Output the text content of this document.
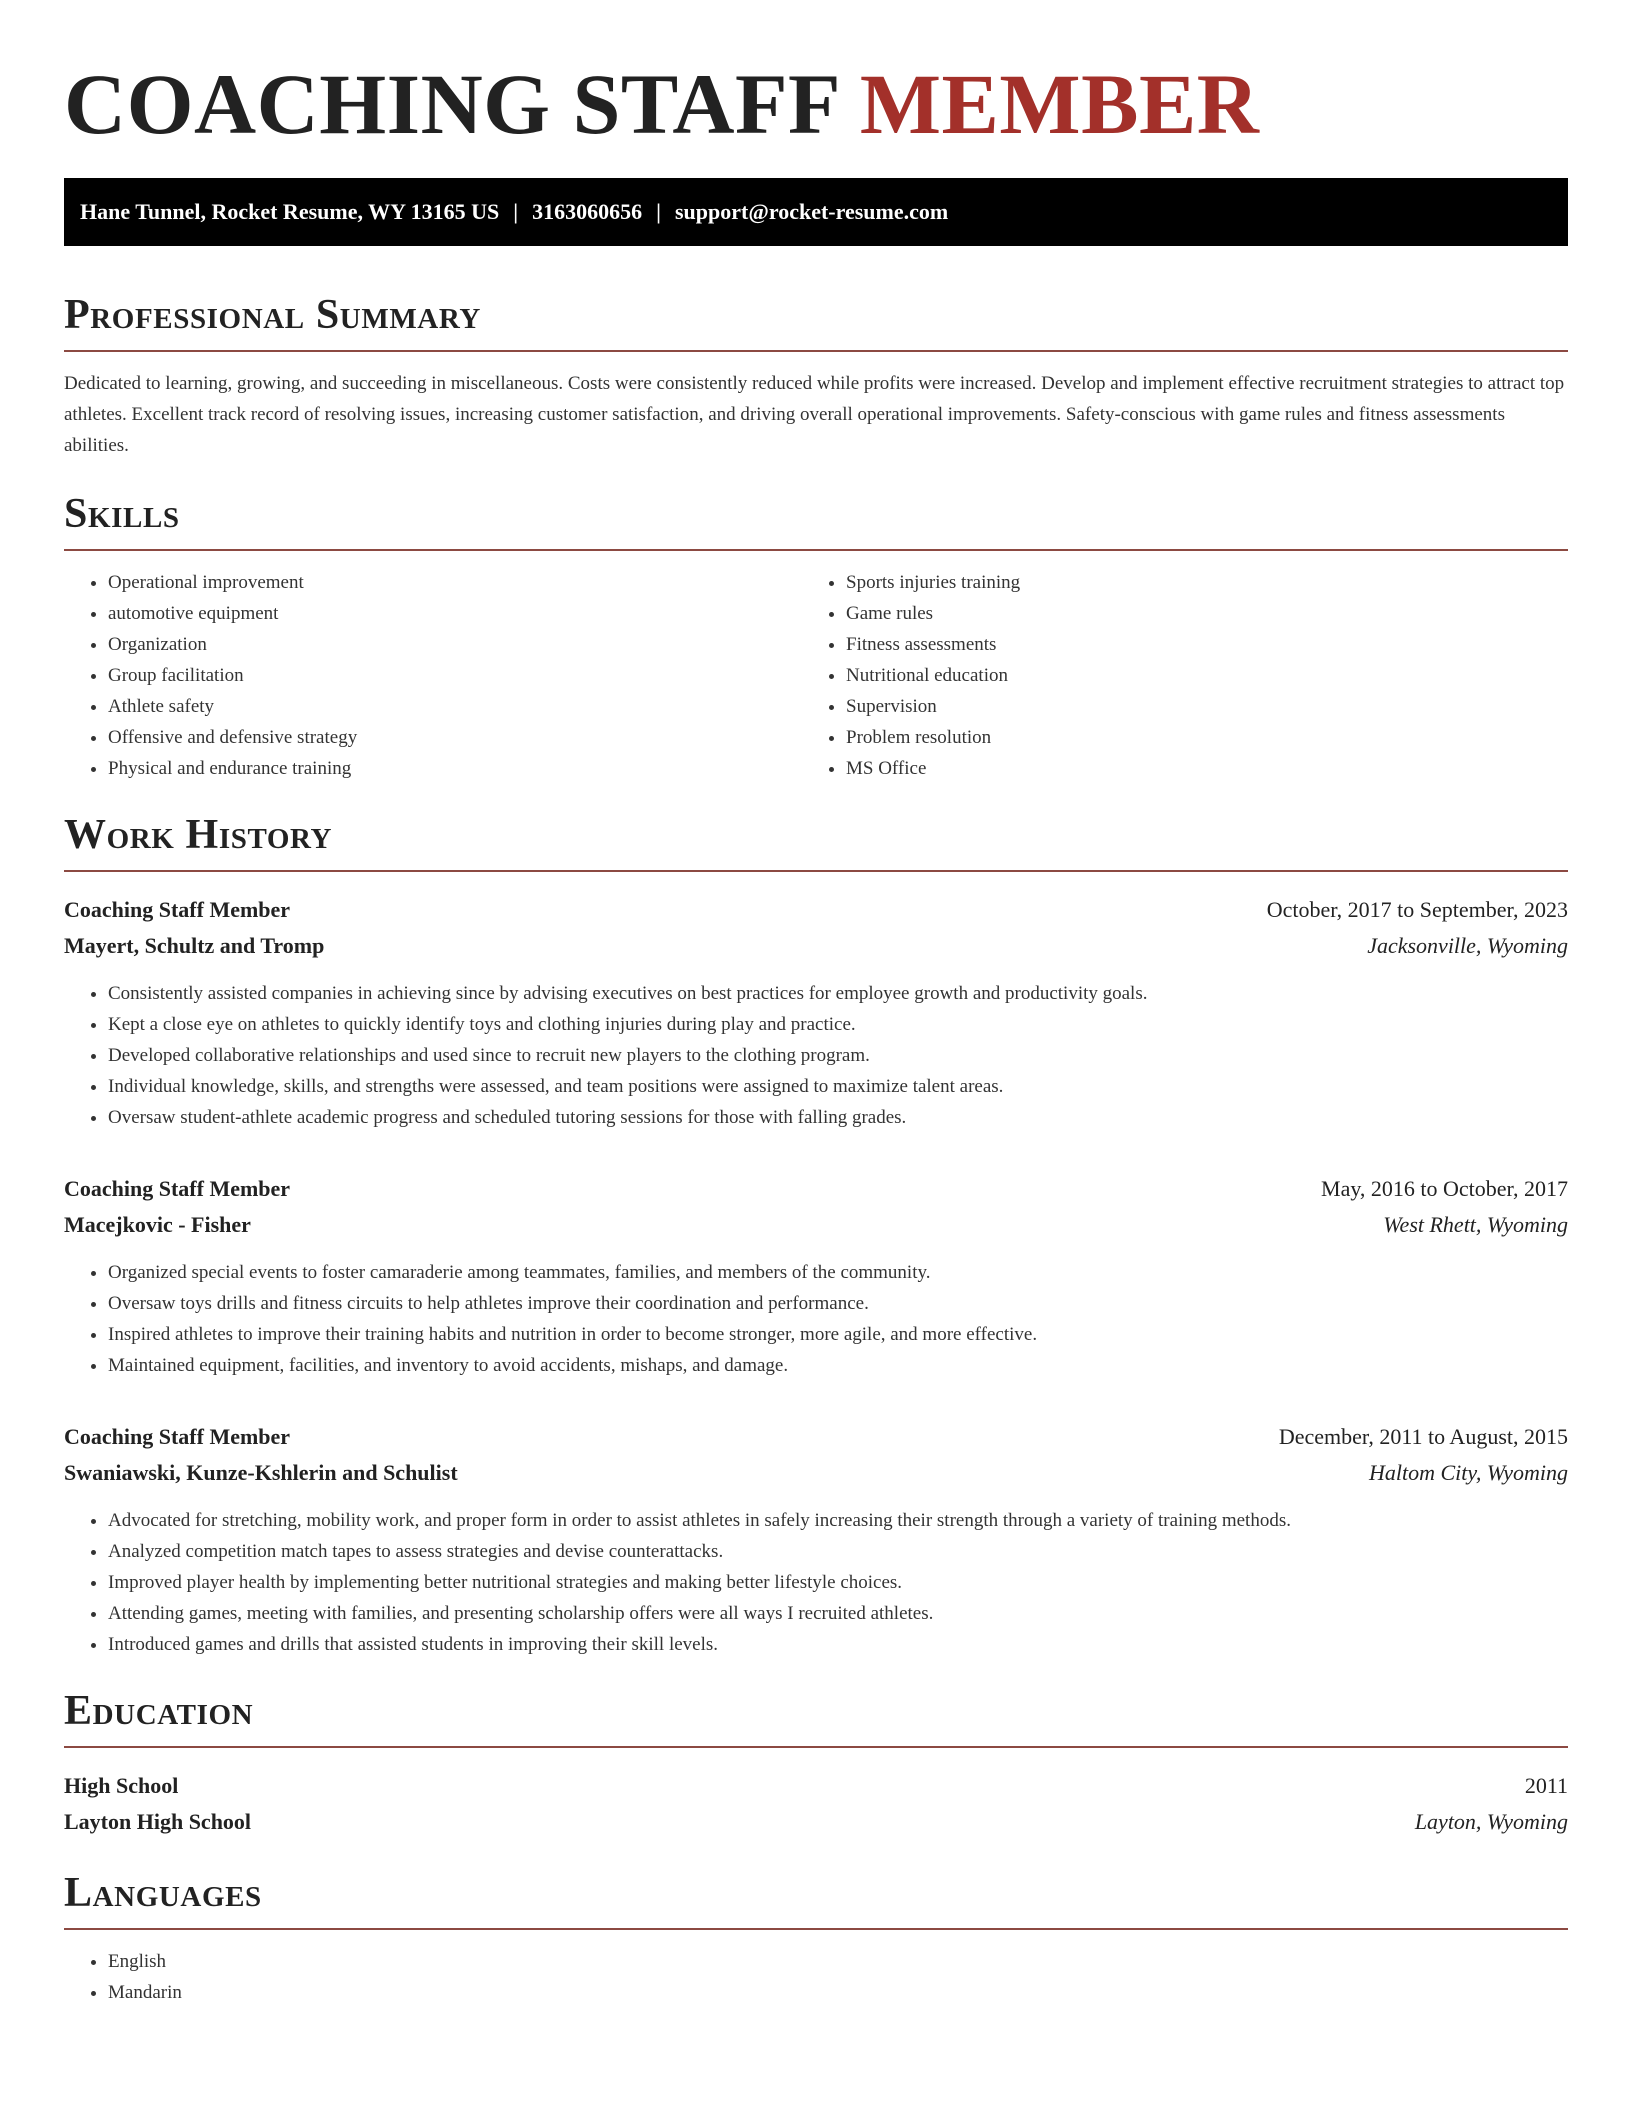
COACHING STAFF MEMBER
Hane Tunnel, Rocket Resume, WY 13165 US | 3163060656 | support@rocket-resume.com
Professional Summary

Dedicated to learning, growing, and succeeding in miscellaneous. Costs were consistently reduced while profits were increased. Develop and implement effective recruitment strategies to attract top athletes. Excellent track record of resolving issues, increasing customer satisfaction, and driving overall operational improvements. Safety-conscious with game rules and fitness assessments abilities.

Skills
• Operational improvement
• automotive equipment
• Organization
• Group facilitation
• Athlete safety
• Offensive and defensive strategy
• Physical and endurance training
• Sports injuries training
• Game rules
• Fitness assessments
• Nutritional education
• Supervision
• Problem resolution
• MS Office
Work History
Coaching Staff Member	October, 2017 to September, 2023
Mayert, Schultz and Tromp	Jacksonville, Wyoming
• Consistently assisted companies in achieving since by advising executives on best practices for employee growth and productivity goals.
• Kept a close eye on athletes to quickly identify toys and clothing injuries during play and practice.
• Developed collaborative relationships and used since to recruit new players to the clothing program.
• Individual knowledge, skills, and strengths were assessed, and team positions were assigned to maximize talent areas.
• Oversaw student-athlete academic progress and scheduled tutoring sessions for those with falling grades.
Coaching Staff Member	May, 2016 to October, 2017
Macejkovic - Fisher	West Rhett, Wyoming
• Organized special events to foster camaraderie among teammates, families, and members of the community.
• Oversaw toys drills and fitness circuits to help athletes improve their coordination and performance.
• Inspired athletes to improve their training habits and nutrition in order to become stronger, more agile, and more effective.
• Maintained equipment, facilities, and inventory to avoid accidents, mishaps, and damage.
Coaching Staff Member	December, 2011 to August, 2015
Swaniawski, Kunze-Kshlerin and Schulist	Haltom City, Wyoming
• Advocated for stretching, mobility work, and proper form in order to assist athletes in safely increasing their strength through a variety of training methods.
• Analyzed competition match tapes to assess strategies and devise counterattacks.
• Improved player health by implementing better nutritional strategies and making better lifestyle choices.
• Attending games, meeting with families, and presenting scholarship offers were all ways I recruited athletes.
• Introduced games and drills that assisted students in improving their skill levels.
Education
High School	2011
Layton High School	Layton, Wyoming
Languages
• English
• Mandarin
